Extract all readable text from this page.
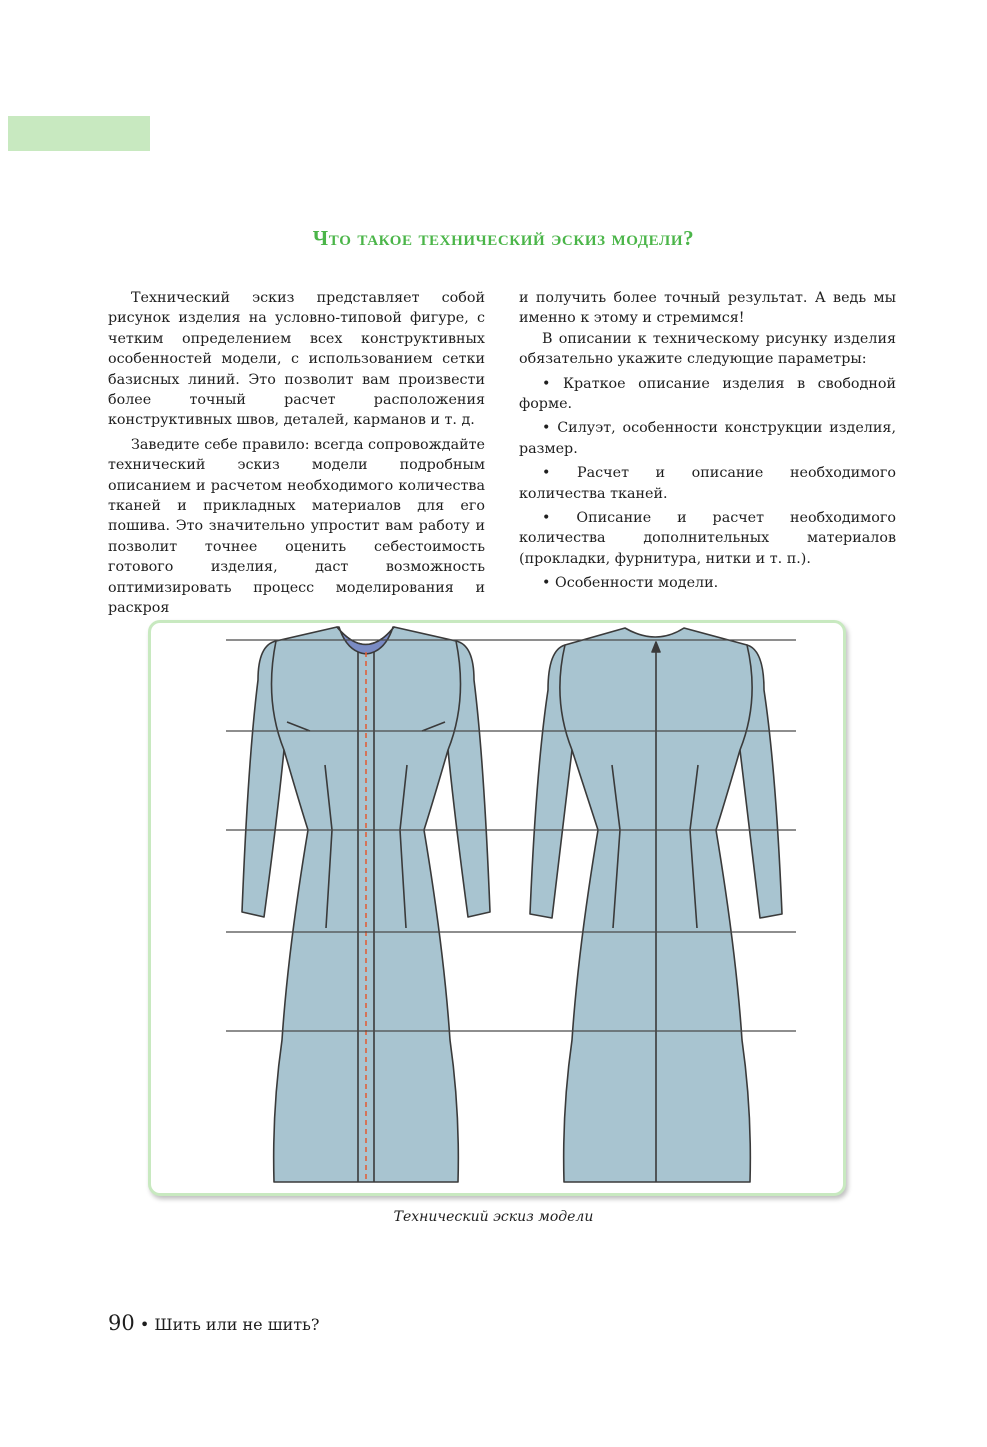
Что такое технический эскиз модели?

Технический эскиз представляет собой рисунок изделия на условно-типовой фигуре, с четким определением всех конструктивных особенностей модели, с использованием сетки базисных линий. Это позволит вам произвести более точный расчет расположения конструктивных швов, деталей, карманов и т. д.

Заведите себе правило: всегда сопровождайте технический эскиз модели подробным описанием и расчетом необходимого количества тканей и прикладных материалов для его пошива. Это значительно упростит вам работу и позволит точнее оценить себестоимость готового изделия, даст возможность оптимизировать процесс моделирования и раскроя

и получить более точный результат. А ведь мы именно к этому и стремимся!

В описании к техническому рисунку изделия обязательно укажите следующие параметры:

• Краткое описание изделия в свободной форме.

• Силуэт, особенности конструкции изделия, размер.

• Расчет и описание необходимого количества тканей.

• Описание и расчет необходимого количества дополнительных материалов (прокладки, фурнитура, нитки и т. п.).

• Особенности модели.

Технический эскиз модели
90 • Шить или не шить?
